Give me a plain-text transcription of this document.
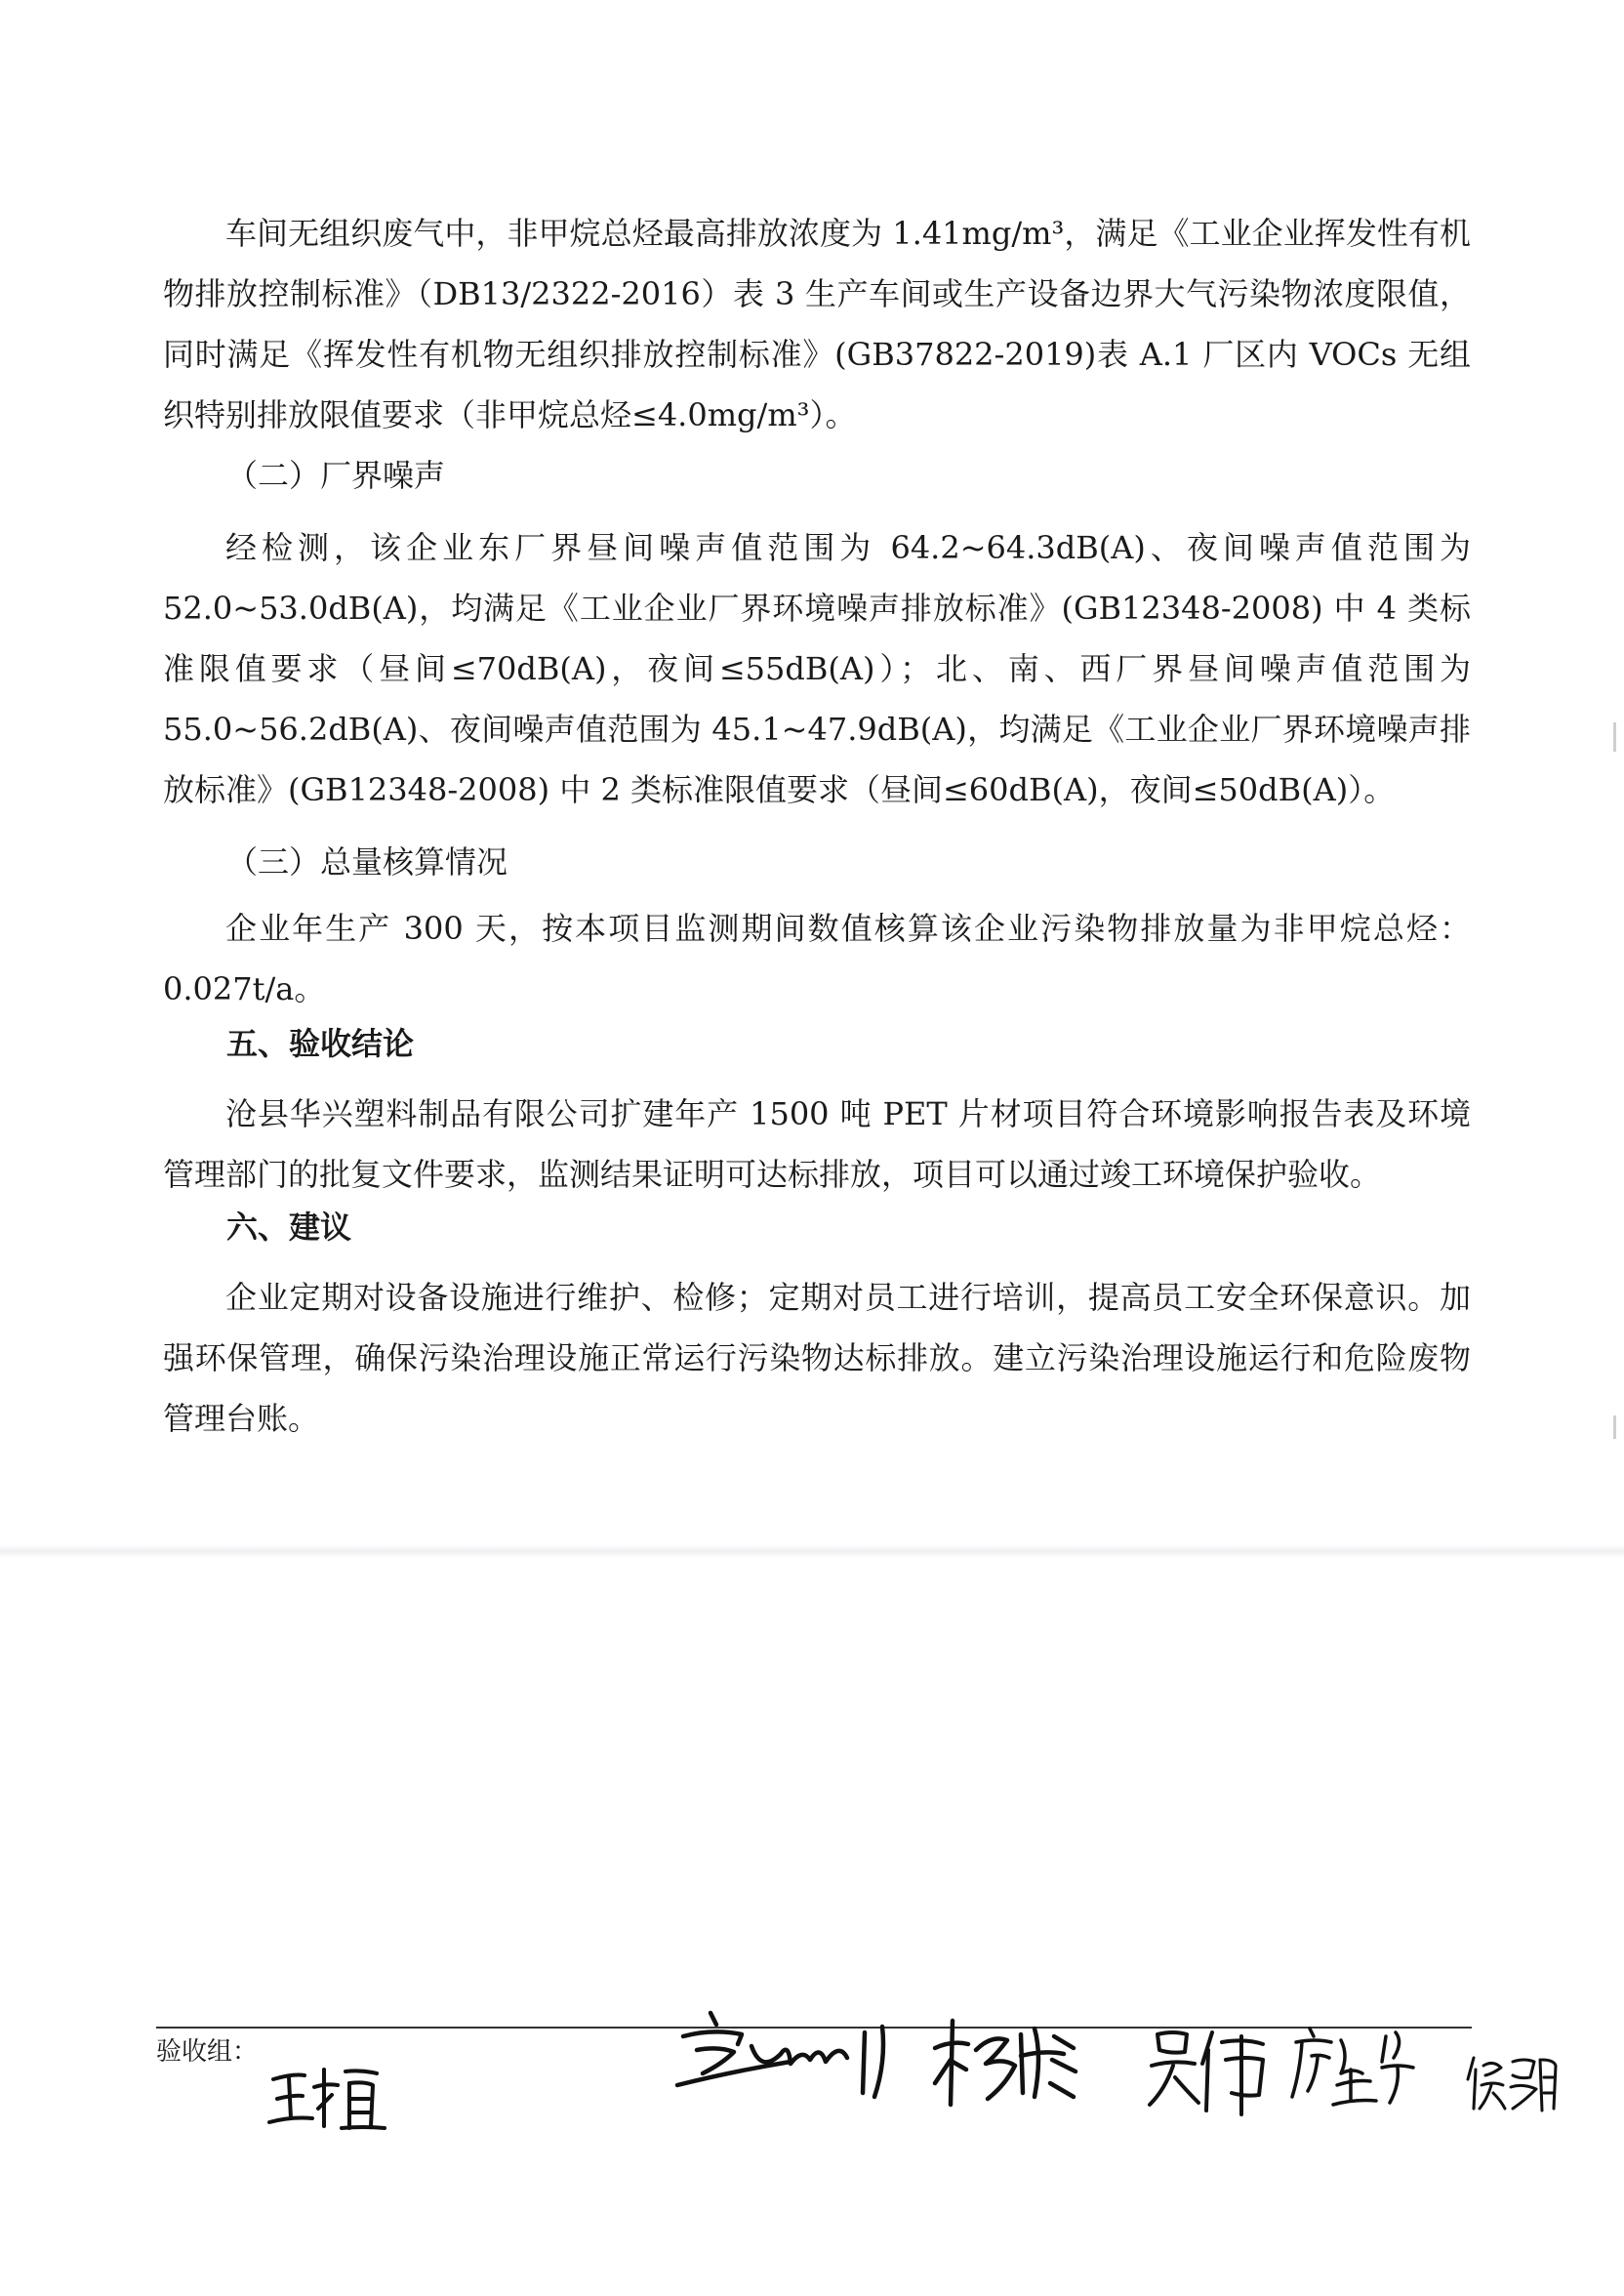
车间无组织废气中，非甲烷总烃最高排放浓度为 1.41mg/m³，满足《工业企业挥发性有机物排放控制标准》（DB13/2322-2016）表 3 生产车间或生产设备边界大气污染物浓度限值，同时满足《挥发性有机物无组织排放控制标准》(GB37822-2019)表 A.1 厂区内 VOCs 无组织特别排放限值要求（非甲烷总烃≤4.0mg/m³）。

（二）厂界噪声

经检测，该企业东厂界昼间噪声值范围为 64.2~64.3dB(A)、夜间噪声值范围为 52.0~53.0dB(A)，均满足《工业企业厂界环境噪声排放标准》(GB12348-2008) 中 4 类标准限值要求（昼间≤70dB(A)，夜间≤55dB(A)）；北、南、西厂界昼间噪声值范围为 55.0~56.2dB(A)、夜间噪声值范围为 45.1~47.9dB(A)，均满足《工业企业厂界环境噪声排放标准》(GB12348-2008) 中 2 类标准限值要求（昼间≤60dB(A)，夜间≤50dB(A)）。

（三）总量核算情况

企业年生产 300 天，按本项目监测期间数值核算该企业污染物排放量为非甲烷总烃：0.027t/a。

五、验收结论

沧县华兴塑料制品有限公司扩建年产 1500 吨 PET 片材项目符合环境影响报告表及环境管理部门的批复文件要求，监测结果证明可达标排放，项目可以通过竣工环境保护验收。

六、建议

企业定期对设备设施进行维护、检修；定期对员工进行培训，提高员工安全环保意识。加强环保管理，确保污染治理设施正常运行污染物达标排放。建立污染治理设施运行和危险废物管理台账。

验收组：
